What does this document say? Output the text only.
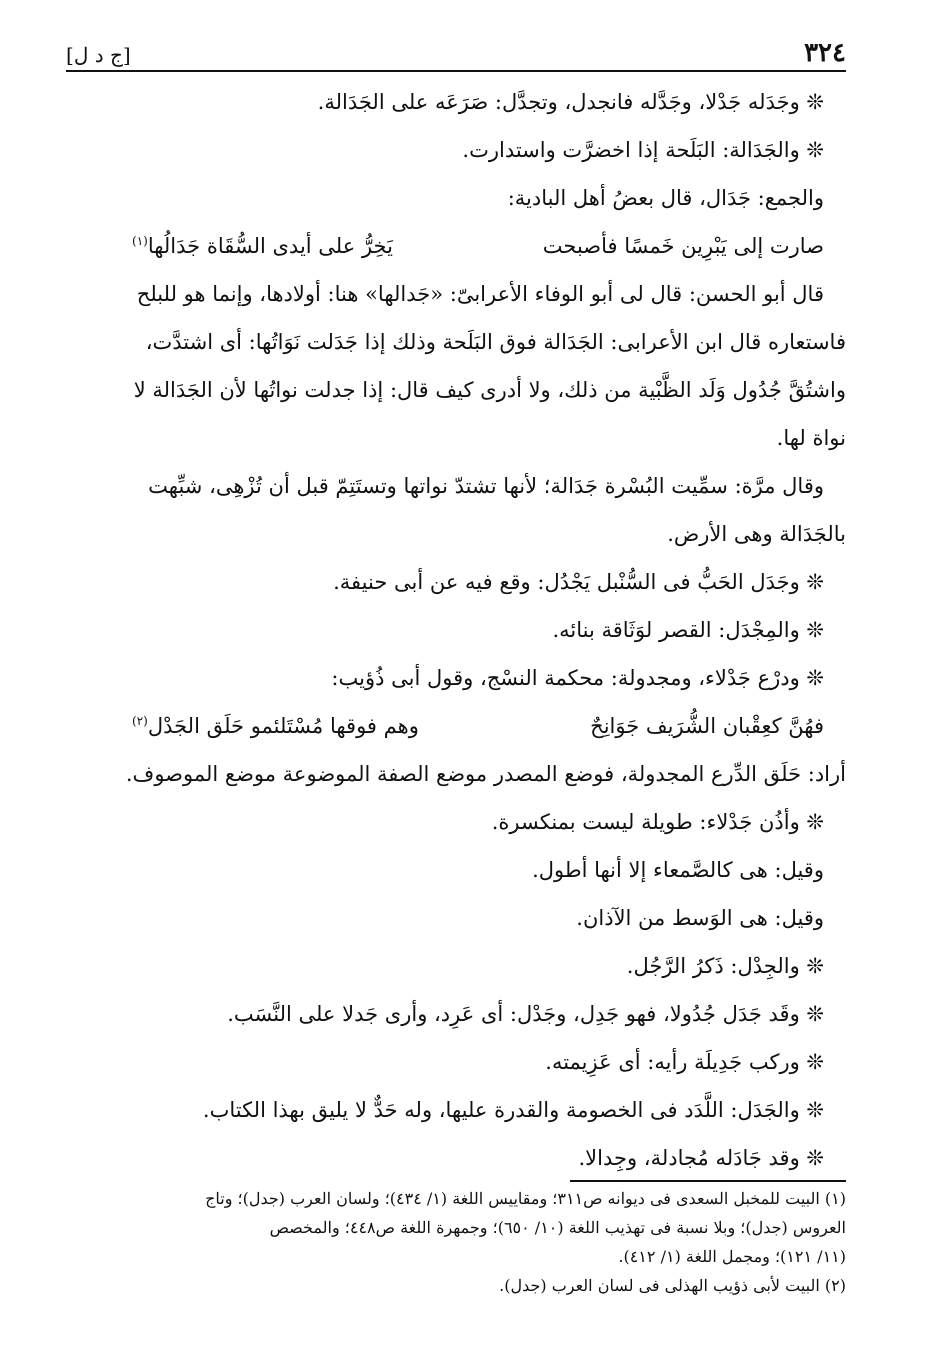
[ج د ل]	٣٢٤
❊ وجَدَله جَدْلا، وجَدَّله فانجدل، وتجدَّل: صَرَعَه على الجَدَالة.
❊ والجَدَالة: البَلَحة إذا اخضرَّت واستدارت.
والجمع: جَدَال، قال بعضُ أهل البادية:
صارت إلى يَبْرِين خَمسًا فأصبحت
يَخِرُّ على أيدى السُّقَاة جَدَالُها$^{(١)}$
قال أبو الحسن: قال لى أبو الوفاء الأعرابىّ: «جَدالها» هنا: أولادها، وإنما هو للبلح
فاستعاره قال ابن الأعرابى: الجَدَالة فوق البَلَحة وذلك إذا جَدَلت نَوَاتُها: أى اشتدَّت،
واشتُقَّ جُدُول وَلَد الظَّبْية من ذلك، ولا أدرى كيف قال: إذا جدلت نواتُها لأن الجَدَالة لا
نواة لها.
وقال مرَّة: سمِّيت البُسْرة جَدَالة؛ لأنها تشتدّ نواتها وتستَتِمّ قبل أن تُزْهِى، شبِّهت
بالجَدَالة وهى الأرض.
❊ وجَدَل الحَبُّ فى السُّنْبل يَجْدُل: وقع فيه عن أبى حنيفة.
❊ والمِجْدَل: القصر لوَثَاقة بنائه.
❊ ودرْع جَدْلاء، ومجدولة: محكمة النسْج، وقول أبى ذُؤيب:
فهُنَّ كعِقْبان الشُّرَيف جَوَانِحٌ
وهم فوقها مُسْتَلئمو حَلَق الجَدْل$^{(٢)}$
أراد: حَلَق الدِّرع المجدولة، فوضع المصدر موضع الصفة الموضوعة موضع الموصوف.
❊ وأذُن جَدْلاء: طويلة ليست بمنكسرة.
وقيل: هى كالصَّمعاء إلا أنها أطول.
وقيل: هى الوَسط من الآذان.
❊ والجِدْل: ذَكرُ الرَّجُل.
❊ وقَد جَدَل جُدُولا، فهو جَدِل، وجَدْل: أى عَرِد، وأرى جَدلا على النَّسَب.
❊ وركب جَدِيلَة رأيه: أى عَزِيمته.
❊ والجَدَل: اللَّدَد فى الخصومة والقدرة عليها، وله حَدٌّ لا يليق بهذا الكتاب.
❊ وقد جَادَله مُجادلة، وجِدالا.
(١) البيت للمخبل السعدى فى ديوانه ص٣١١؛ ومقاييس اللغة (١/ ٤٣٤)؛ ولسان العرب (جدل)؛ وتاج
العروس (جدل)؛ وبلا نسبة فى تهذيب اللغة (١٠/ ٦٥٠)؛ وجمهرة اللغة ص٤٤٨؛ والمخصص
(١١/ ١٢١)؛ ومجمل اللغة (١/ ٤١٢).
(٢) البيت لأبى ذؤيب الهذلى فى لسان العرب (جدل).
